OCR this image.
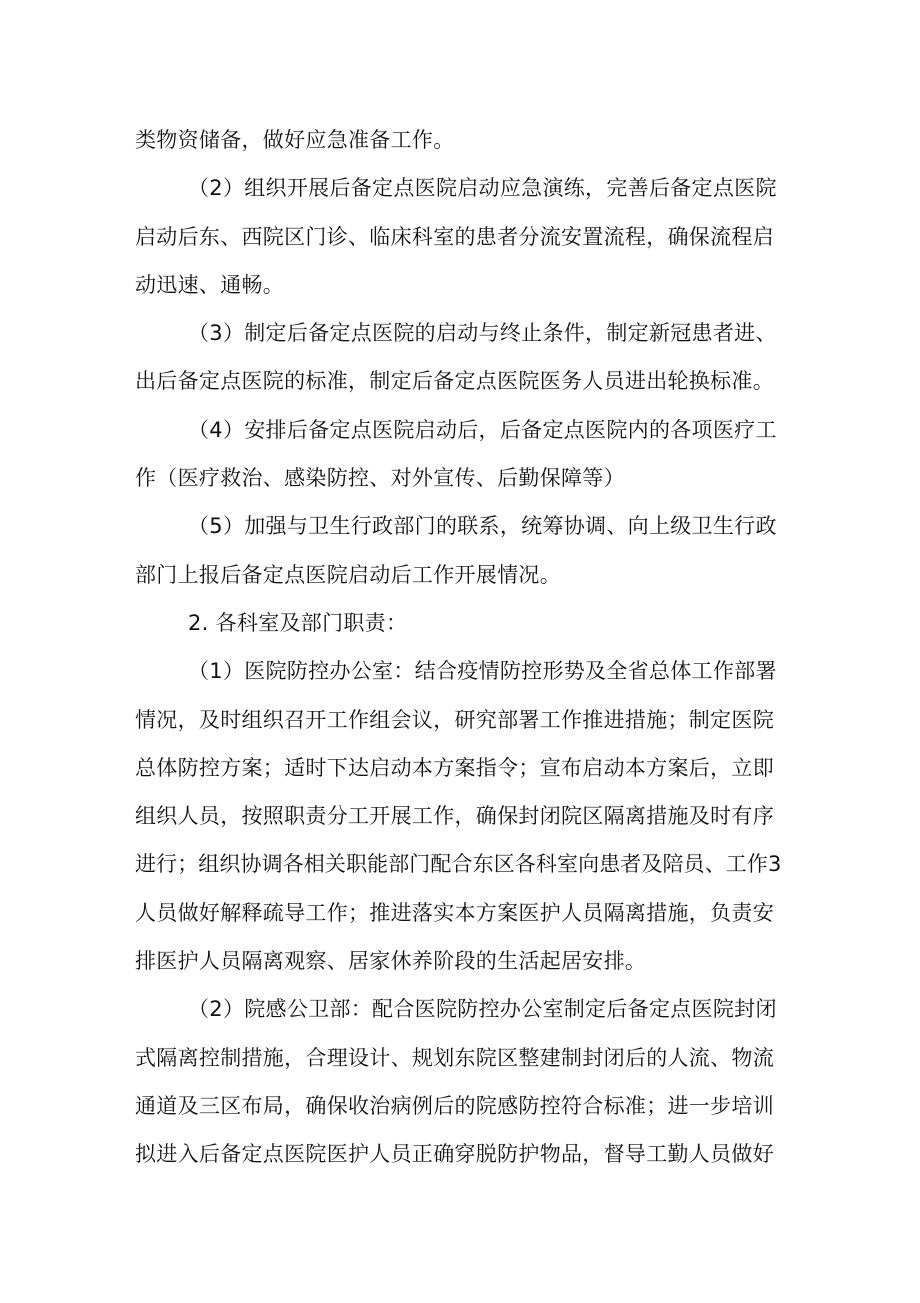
类物资储备，做好应急准备工作。
（2）组织开展后备定点医院启动应急演练，完善后备定点医院
启动后东、西院区门诊、临床科室的患者分流安置流程，确保流程启
动迅速、通畅。
（3）制定后备定点医院的启动与终止条件，制定新冠患者进、
出后备定点医院的标准，制定后备定点医院医务人员进出轮换标准。
（4）安排后备定点医院启动后，后备定点医院内的各项医疗工
作（医疗救治、感染防控、对外宣传、后勤保障等）
（5）加强与卫生行政部门的联系，统筹协调、向上级卫生行政
部门上报后备定点医院启动后工作开展情况。
2. 各科室及部门职责：
（1）医院防控办公室：结合疫情防控形势及全省总体工作部署
情况，及时组织召开工作组会议，研究部署工作推进措施；制定医院
总体防控方案；适时下达启动本方案指令；宣布启动本方案后，立即
组织人员，按照职责分工开展工作，确保封闭院区隔离措施及时有序
进行；组织协调各相关职能部门配合东区各科室向患者及陪员、工作3
人员做好解释疏导工作；推进落实本方案医护人员隔离措施，负责安
排医护人员隔离观察、居家休养阶段的生活起居安排。
（2）院感公卫部：配合医院防控办公室制定后备定点医院封闭
式隔离控制措施，合理设计、规划东院区整建制封闭后的人流、物流
通道及三区布局，确保收治病例后的院感防控符合标准；进一步培训
拟进入后备定点医院医护人员正确穿脱防护物品，督导工勤人员做好
